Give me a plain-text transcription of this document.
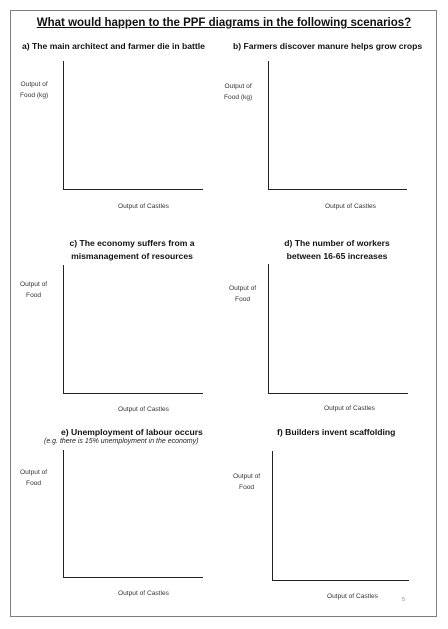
What would happen to the PPF diagrams in the following scenarios?
a) The main architect and farmer die in battle
Output of
Food (kg)
Output of Castles
b) Farmers discover manure helps grow crops
Output of
Food (kg)
Output of Castles
c) The economy suffers from a
mismanagement of resources
Output of
Food
Output of Castles
d) The number of workers
between 16-65 increases
Output of
Food
Output of Castles
e) Unemployment of labour occurs
(e.g. there is 15% unemployment in the economy)
Output of
Food
Output of Castles
f) Builders invent scaffolding
Output of
Food
Output of Castles	5
